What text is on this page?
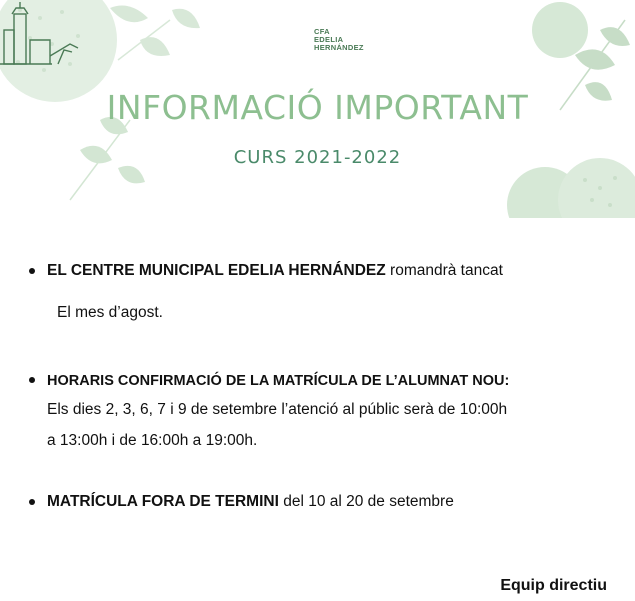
CFA
EDELIA
HERNÁNDEZ
INFORMACIÓ IMPORTANT
CURS 2021-2022
EL CENTRE MUNICIPAL EDELIA HERNÁNDEZ romandrà tancat
El mes d’agost.
HORARIS CONFIRMACIÓ DE LA MATRÍCULA DE L’ALUMNAT NOU:
Els dies 2, 3, 6, 7 i 9 de setembre l’atenció al públic serà de 10:00h
a 13:00h i de 16:00h a 19:00h.
MATRÍCULA FORA DE TERMINI del 10 al 20 de setembre
Equip directiu
